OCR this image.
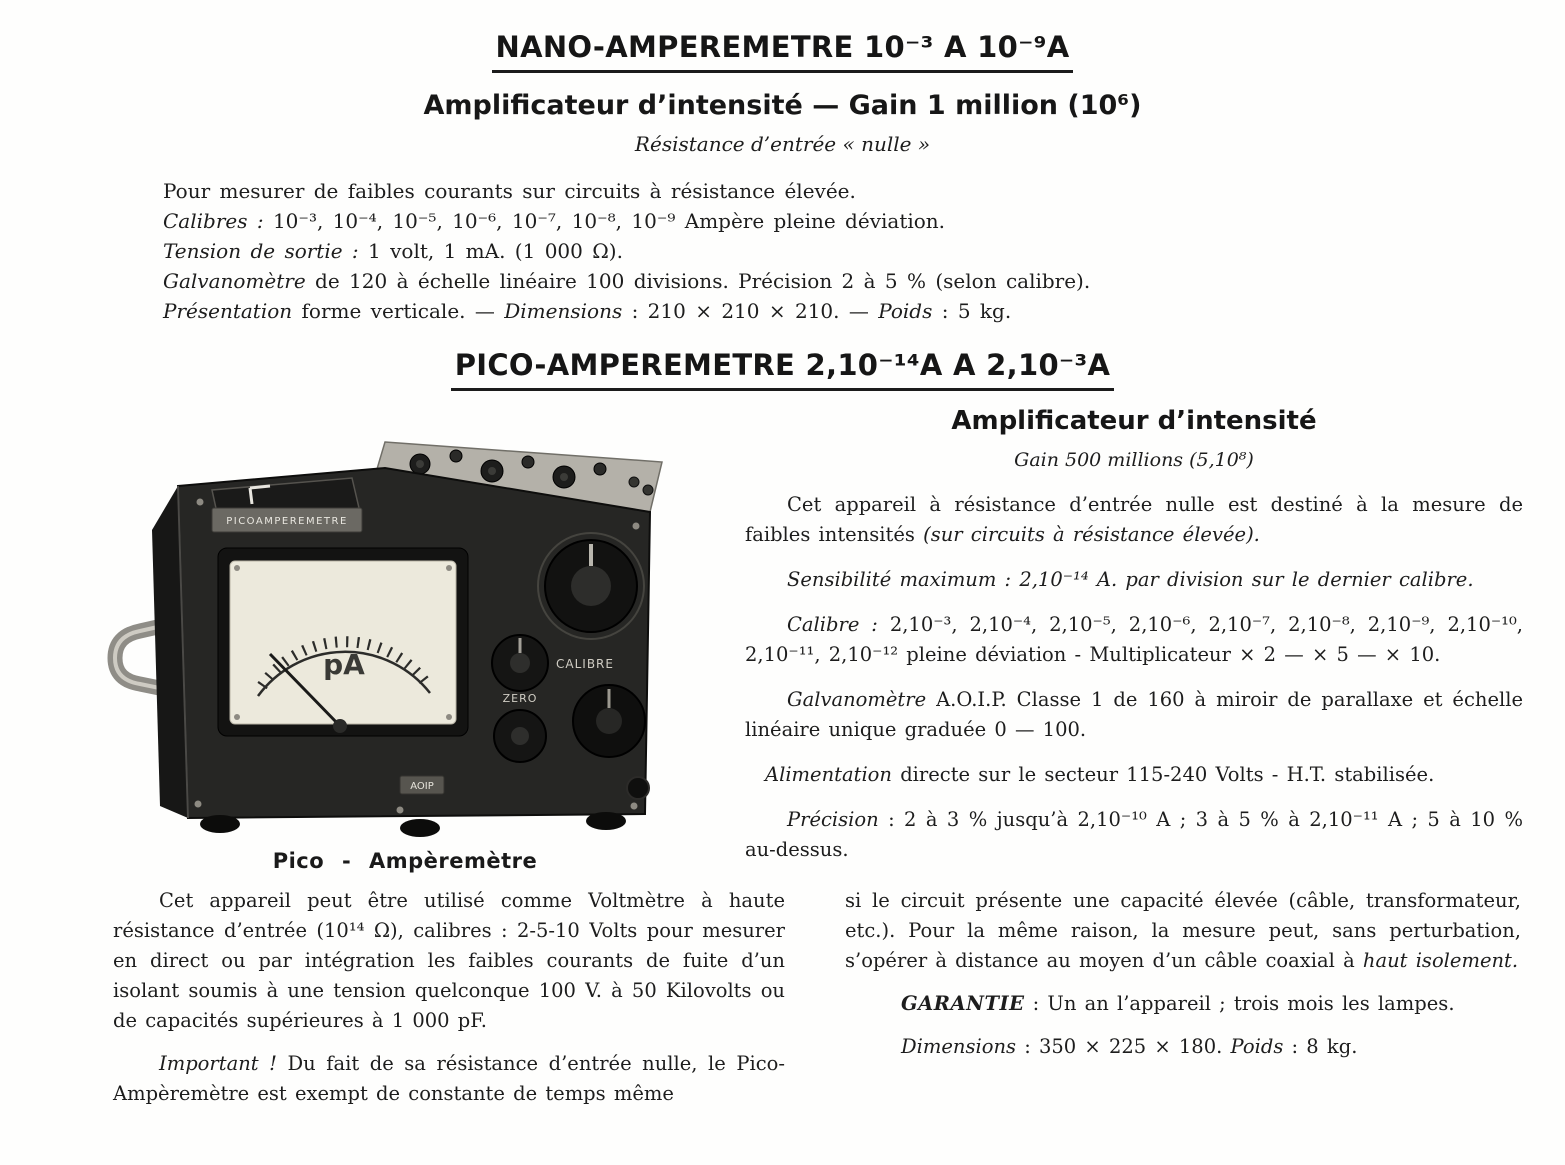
NANO-AMPEREMETRE 10⁻³ A 10⁻⁹A
Amplificateur d’intensité — Gain 1 million (10⁶)
Résistance d’entrée « nulle »
Pour mesurer de faibles courants sur circuits à résistance élevée.
Calibres : 10⁻³, 10⁻⁴, 10⁻⁵, 10⁻⁶, 10⁻⁷, 10⁻⁸, 10⁻⁹ Ampère pleine déviation.
Tension de sortie : 1 volt, 1 mA. (1 000 Ω).
Galvanomètre de 120 à échelle linéaire 100 divisions. Précision 2 à 5 % (selon calibre).
Présentation forme verticale. — Dimensions : 210 × 210 × 210. — Poids : 5 kg.
PICO-AMPEREMETRE 2,10⁻¹⁴A A 2,10⁻³A
PICOAMPEREMETRE
pA	CALIBRE
ZERO
AOIP
Pico - Ampèremètre
Amplificateur d’intensité
Gain 500 millions (5,10⁸)

Cet appareil à résistance d’entrée nulle est destiné à la mesure de faibles intensités (sur circuits à résistance élevée).

Sensibilité maximum : 2,10⁻¹⁴ A. par division sur le dernier calibre.

Calibre : 2,10⁻³, 2,10⁻⁴, 2,10⁻⁵, 2,10⁻⁶, 2,10⁻⁷, 2,10⁻⁸, 2,10⁻⁹, 2,10⁻¹⁰, 2,10⁻¹¹, 2,10⁻¹² pleine déviation - Multiplicateur × 2 — × 5 — × 10.

Galvanomètre A.O.I.P. Classe 1 de 160 à miroir de parallaxe et échelle linéaire unique graduée 0 — 100.

Alimentation directe sur le secteur 115-240 Volts - H.T. stabilisée.

Précision : 2 à 3 % jusqu’à 2,10⁻¹⁰ A ; 3 à 5 % à 2,10⁻¹¹ A ; 5 à 10 % au-dessus.

Cet appareil peut être utilisé comme Voltmètre à haute résistance d’entrée (10¹⁴ Ω), calibres : 2-5-10 Volts pour mesurer en direct ou par intégration les faibles courants de fuite d’un isolant soumis à une tension quelconque 100 V. à 50 Kilovolts ou de capacités supérieures à 1 000 pF.

Important ! Du fait de sa résistance d’entrée nulle, le Pico-Ampèremètre est exempt de constante de temps même

si le circuit présente une capacité élevée (câble, transformateur, etc.). Pour la même raison, la mesure peut, sans perturbation, s’opérer à distance au moyen d’un câble coaxial à haut isolement.

GARANTIE : Un an l’appareil ; trois mois les lampes.

Dimensions : 350 × 225 × 180. Poids : 8 kg.
